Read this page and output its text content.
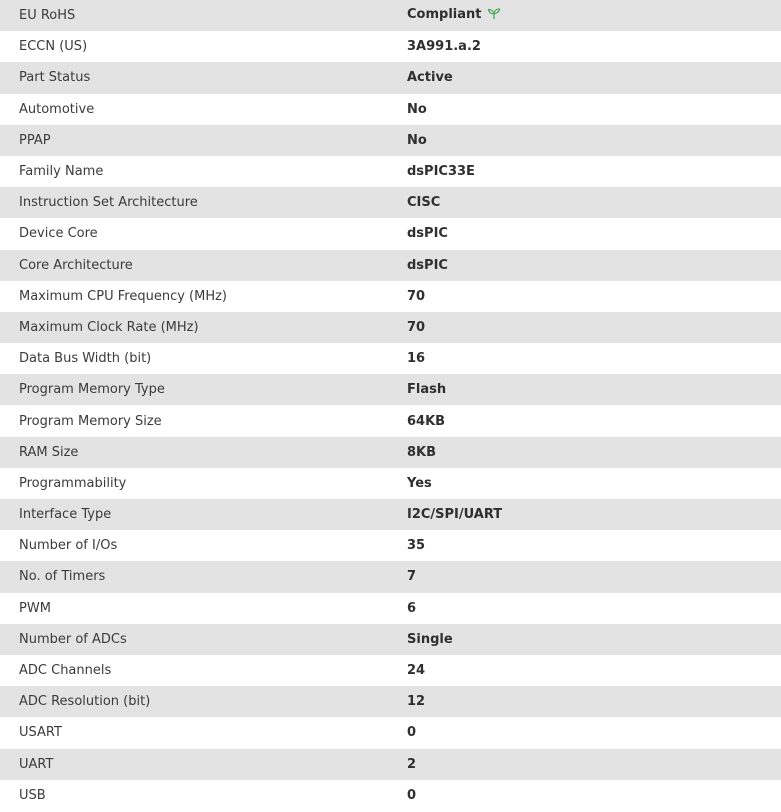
EU RoHS	Compliant
ECCN (US)	3A991.a.2
Part Status	Active
Automotive	No
PPAP	No
Family Name	dsPIC33E
Instruction Set Architecture	CISC
Device Core	dsPIC
Core Architecture	dsPIC
Maximum CPU Frequency (MHz)	70
Maximum Clock Rate (MHz)	70
Data Bus Width (bit)	16
Program Memory Type	Flash
Program Memory Size	64KB
RAM Size	8KB
Programmability	Yes
Interface Type	I2C/SPI/UART
Number of I/Os	35
No. of Timers	7
PWM	6
Number of ADCs	Single
ADC Channels	24
ADC Resolution (bit)	12
USART	0
UART	2
USB	0
